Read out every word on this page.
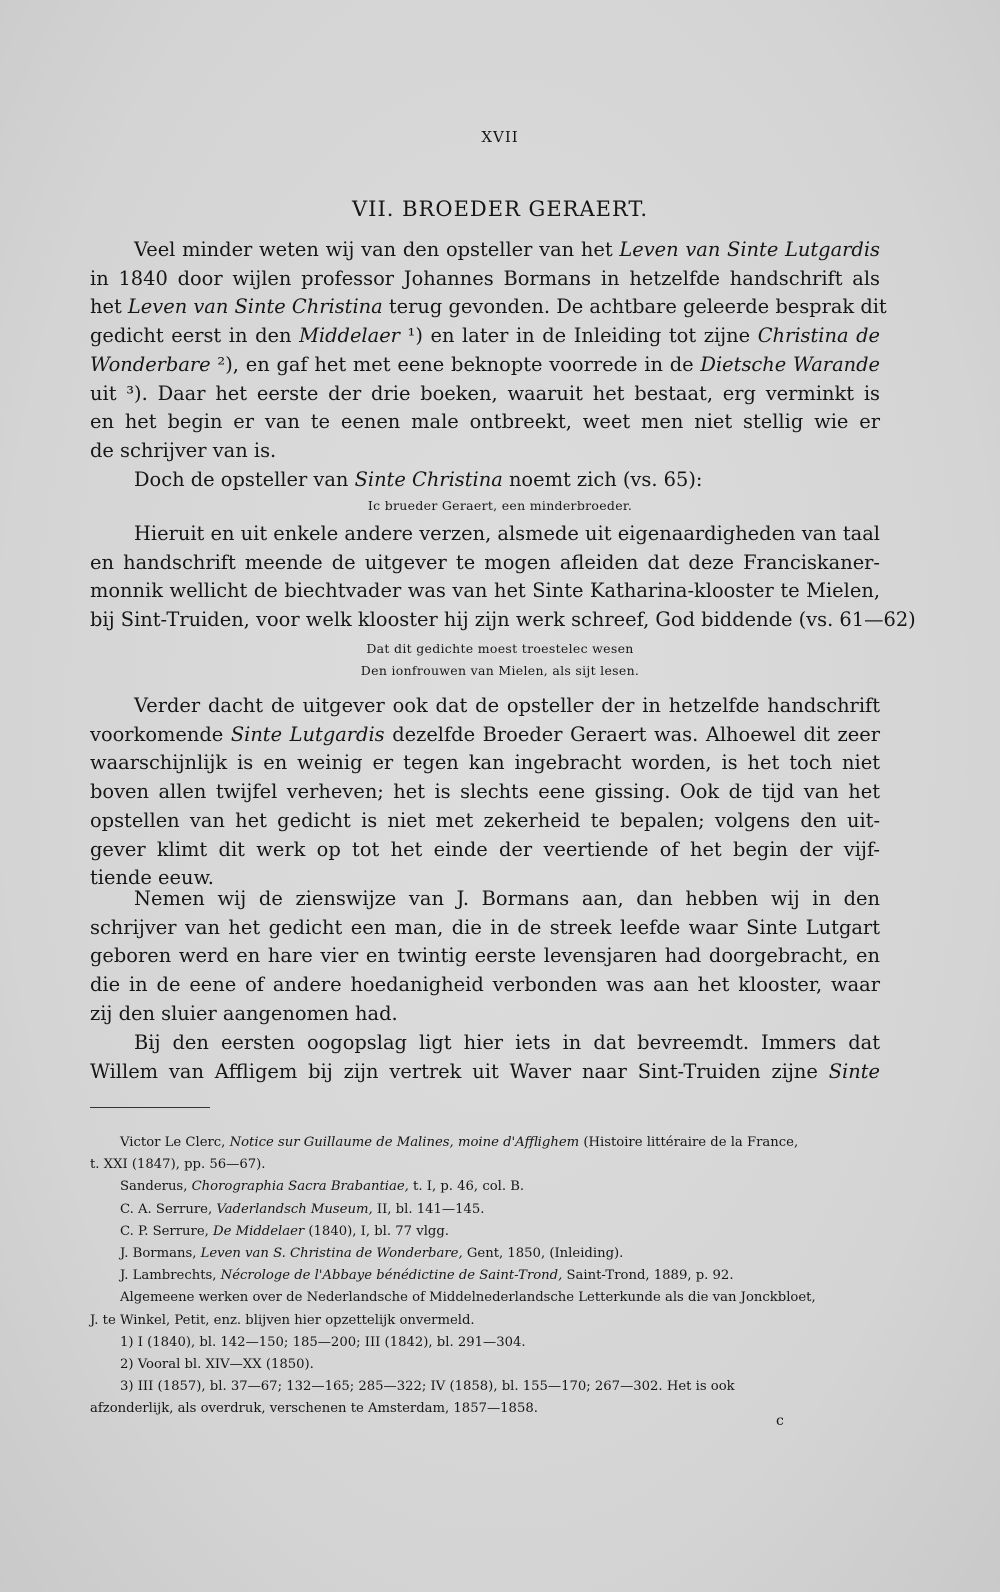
XVII
VII. BROEDER GERAERT.
Veel minder weten wij van den opsteller van het Leven van Sinte Lutgardis
in 1840 door wijlen professor Johannes Bormans in hetzelfde handschrift als
het Leven van Sinte Christina terug gevonden. De achtbare geleerde besprak dit
gedicht eerst in den Middelaer ¹) en later in de Inleiding tot zijne Christina de
Wonderbare ²), en gaf het met eene beknopte voorrede in de Dietsche Warande
uit ³). Daar het eerste der drie boeken, waaruit het bestaat, erg verminkt is
en het begin er van te eenen male ontbreekt, weet men niet stellig wie er
de schrijver van is.
Doch de opsteller van Sinte Christina noemt zich (vs. 65):
Ic brueder Geraert, een minderbroeder.
Hieruit en uit enkele andere verzen, alsmede uit eigenaardigheden van taal
en handschrift meende de uitgever te mogen afleiden dat deze Franciskaner-
monnik wellicht de biechtvader was van het Sinte Katharina-klooster te Mielen,
bij Sint-Truiden, voor welk klooster hij zijn werk schreef, God biddende (vs. 61—62)
Dat dit gedichte moest troestelec wesen
Den ionfrouwen van Mielen, als sijt lesen.
Verder dacht de uitgever ook dat de opsteller der in hetzelfde handschrift
voorkomende Sinte Lutgardis dezelfde Broeder Geraert was. Alhoewel dit zeer
waarschijnlijk is en weinig er tegen kan ingebracht worden, is het toch niet
boven allen twijfel verheven; het is slechts eene gissing. Ook de tijd van het
opstellen van het gedicht is niet met zekerheid te bepalen; volgens den uit-
gever klimt dit werk op tot het einde der veertiende of het begin der vijf-
tiende eeuw.
Nemen wij de zienswijze van J. Bormans aan, dan hebben wij in den
schrijver van het gedicht een man, die in de streek leefde waar Sinte Lutgart
geboren werd en hare vier en twintig eerste levensjaren had doorgebracht, en
die in de eene of andere hoedanigheid verbonden was aan het klooster, waar
zij den sluier aangenomen had.
Bij den eersten oogopslag ligt hier iets in dat bevreemdt. Immers dat
Willem van Affligem bij zijn vertrek uit Waver naar Sint-Truiden zijne Sinte
Victor Le Clerc, Notice sur Guillaume de Malines, moine d'Afflighem (Histoire littéraire de la France,
t. XXI (1847), pp. 56—67).
Sanderus, Chorographia Sacra Brabantiae, t. I, p. 46, col. B.
C. A. Serrure, Vaderlandsch Museum, II, bl. 141—145.
C. P. Serrure, De Middelaer (1840), I, bl. 77 vlgg.
J. Bormans, Leven van S. Christina de Wonderbare, Gent, 1850, (Inleiding).
J. Lambrechts, Nécrologe de l'Abbaye bénédictine de Saint-Trond, Saint-Trond, 1889, p. 92.
Algemeene werken over de Nederlandsche of Middelnederlandsche Letterkunde als die van Jonckbloet,
J. te Winkel, Petit, enz. blijven hier opzettelijk onvermeld.
1) I (1840), bl. 142—150; 185—200; III (1842), bl. 291—304.
2) Vooral bl. XIV—XX (1850).
3) III (1857), bl. 37—67; 132—165; 285—322; IV (1858), bl. 155—170; 267—302. Het is ook
afzonderlijk, als overdruk, verschenen te Amsterdam, 1857—1858.
c
